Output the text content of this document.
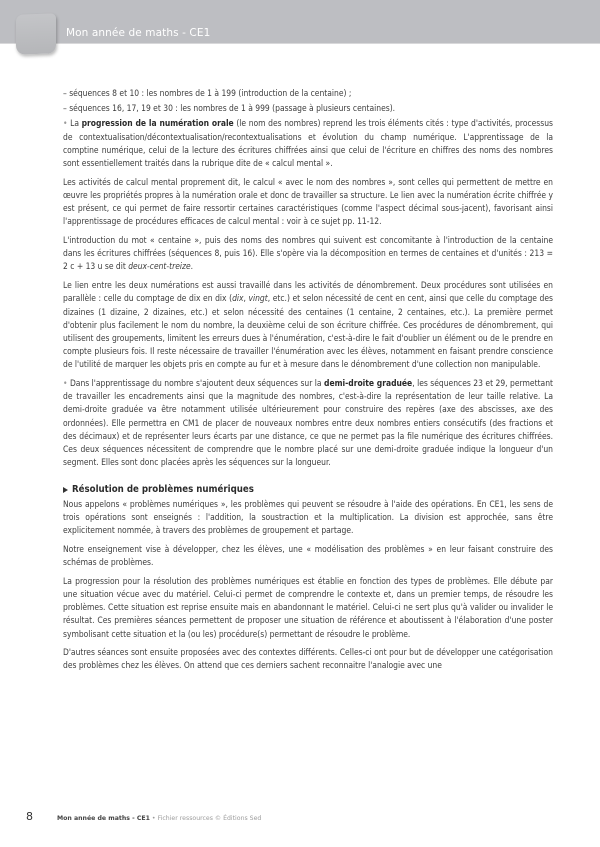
Mon année de maths - CE1

– séquences 8 et 10 : les nombres de 1 à 199 (introduction de la centaine) ;

– séquences 16, 17, 19 et 30 : les nombres de 1 à 999 (passage à plusieurs centaines).

• La progression de la numération orale (le nom des nombres) reprend les trois éléments cités : type d'activités, processus de contextualisation/décontextualisation/recontextualisations et évolution du champ numérique. L'apprentissage de la comptine numérique, celui de la lecture des écritures chiffrées ainsi que celui de l'écriture en chiffres des noms des nombres sont essentiellement traités dans la rubrique dite de « calcul mental ».

Les activités de calcul mental proprement dit, le calcul « avec le nom des nombres », sont celles qui permettent de mettre en œuvre les propriétés propres à la numération orale et donc de travailler sa structure. Le lien avec la numération écrite chiffrée y est présent, ce qui permet de faire ressortir certaines caractéristiques (comme l'aspect décimal sous-jacent), favorisant ainsi l'apprentissage de procédures efficaces de calcul mental : voir à ce sujet pp. 11-12.

L'introduction du mot « centaine », puis des noms des nombres qui suivent est concomitante à l'introduction de la centaine dans les écritures chiffrées (séquences 8, puis 16). Elle s'opère via la décomposition en termes de centaines et d'unités : 213 = 2 c + 13 u se dit deux-cent-treize.

Le lien entre les deux numérations est aussi travaillé dans les activités de dénombrement. Deux procédures sont utilisées en parallèle : celle du comptage de dix en dix (dix, vingt, etc.) et selon nécessité de cent en cent, ainsi que celle du comptage des dizaines (1 dizaine, 2 dizaines, etc.) et selon nécessité des centaines (1 centaine, 2 centaines, etc.). La première permet d'obtenir plus facilement le nom du nombre, la deuxième celui de son écriture chiffrée. Ces procédures de dénombrement, qui utilisent des groupements, limitent les erreurs dues à l'énumération, c'est-à-dire le fait d'oublier un élément ou de le prendre en compte plusieurs fois. Il reste nécessaire de travailler l'énumération avec les élèves, notamment en faisant prendre conscience de l'utilité de marquer les objets pris en compte au fur et à mesure dans le dénombrement d'une collection non manipulable.

• Dans l'apprentissage du nombre s'ajoutent deux séquences sur la demi-droite graduée, les séquences 23 et 29, permettant de travailler les encadrements ainsi que la magnitude des nombres, c'est-à-dire la représentation de leur taille relative. La demi-droite graduée va être notamment utilisée ultérieurement pour construire des repères (axe des abscisses, axe des ordonnées). Elle permettra en CM1 de placer de nouveaux nombres entre deux nombres entiers consécutifs (des fractions et des décimaux) et de représenter leurs écarts par une distance, ce que ne permet pas la file numérique des écritures chiffrées. Ces deux séquences nécessitent de comprendre que le nombre placé sur une demi-droite graduée indique la longueur d'un segment. Elles sont donc placées après les séquences sur la longueur.

Résolution de problèmes numériques

Nous appelons « problèmes numériques », les problèmes qui peuvent se résoudre à l'aide des opérations. En CE1, les sens de trois opérations sont enseignés : l'addition, la soustraction et la multiplication. La division est approchée, sans être explicitement nommée, à travers des problèmes de groupement et partage.

Notre enseignement vise à développer, chez les élèves, une « modélisation des problèmes » en leur faisant construire des schémas de problèmes.

La progression pour la résolution des problèmes numériques est établie en fonction des types de problèmes. Elle débute par une situation vécue avec du matériel. Celui-ci permet de comprendre le contexte et, dans un premier temps, de résoudre les problèmes. Cette situation est reprise ensuite mais en abandonnant le matériel. Celui-ci ne sert plus qu'à valider ou invalider le résultat. Ces premières séances permettent de proposer une situation de référence et aboutissent à l'élaboration d'une poster symbolisant cette situation et la (ou les) procédure(s) permettant de résoudre le problème.

D'autres séances sont ensuite proposées avec des contextes différents. Celles-ci ont pour but de développer une catégorisation des problèmes chez les élèves. On attend que ces derniers sachent reconnaitre l'analogie avec une

8	Mon année de maths - CE1 • Fichier ressources © Éditions Sed
